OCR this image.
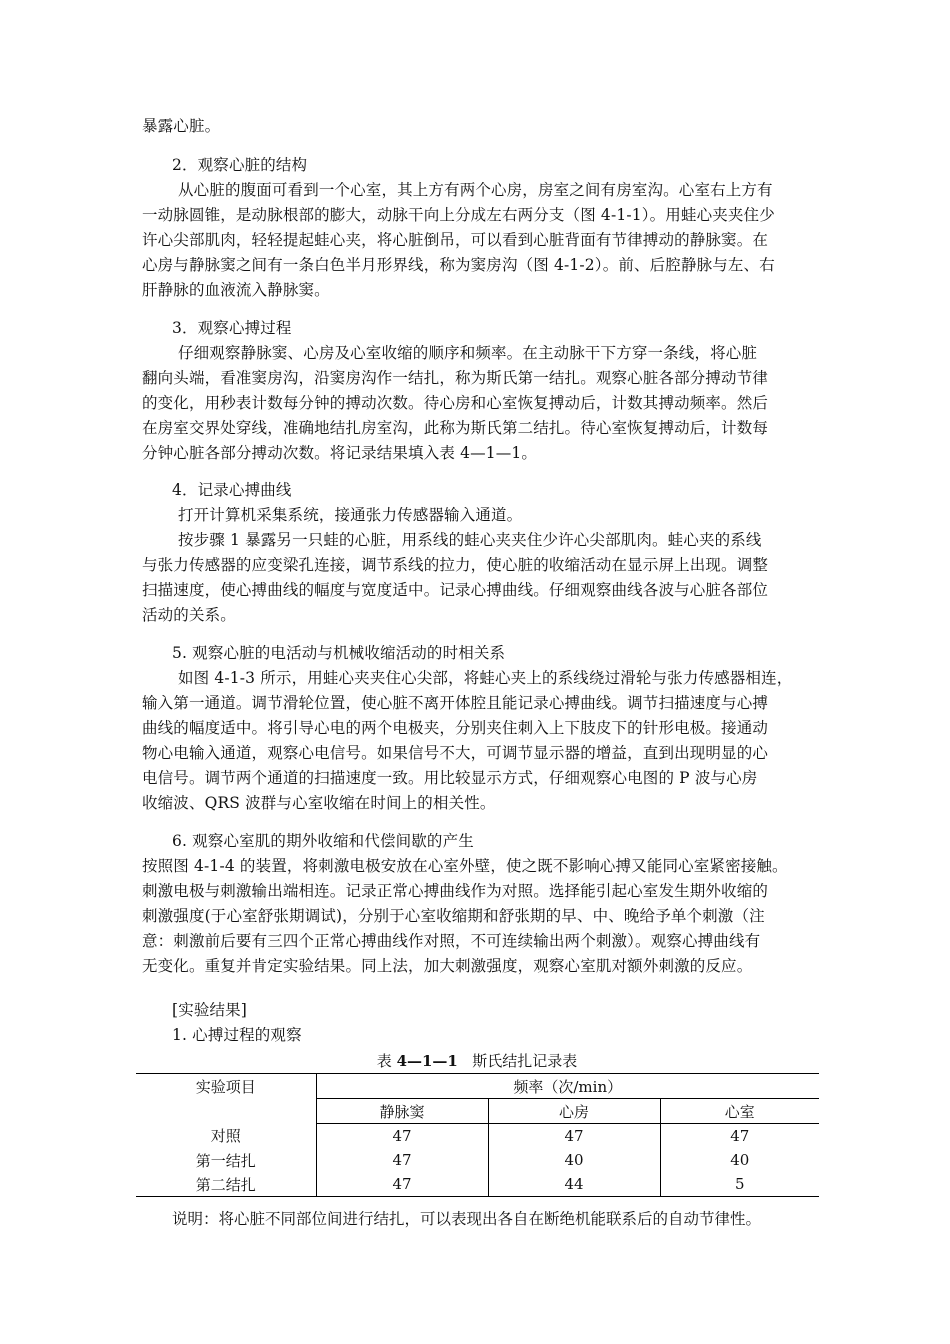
暴露心脏。
2．观察心脏的结构
从心脏的腹面可看到一个心室，其上方有两个心房，房室之间有房室沟。心室右上方有
一动脉圆锥，是动脉根部的膨大，动脉干向上分成左右两分支（图 4-1-1）。用蛙心夹夹住少
许心尖部肌肉，轻轻提起蛙心夹，将心脏倒吊，可以看到心脏背面有节律搏动的静脉窦。在
心房与静脉窦之间有一条白色半月形界线，称为窦房沟（图 4-1-2）。前、后腔静脉与左、右
肝静脉的血液流入静脉窦。
3．观察心搏过程
仔细观察静脉窦、心房及心室收缩的顺序和频率。在主动脉干下方穿一条线，将心脏
翻向头端，看准窦房沟，沿窦房沟作一结扎，称为斯氏第一结扎。观察心脏各部分搏动节律
的变化，用秒表计数每分钟的搏动次数。待心房和心室恢复搏动后，计数其搏动频率。然后
在房室交界处穿线，准确地结扎房室沟，此称为斯氏第二结扎。待心室恢复搏动后，计数每
分钟心脏各部分搏动次数。将记录结果填入表 4—1—1。
4．记录心搏曲线
打开计算机采集系统，接通张力传感器输入通道。
按步骤 1 暴露另一只蛙的心脏，用系线的蛙心夹夹住少许心尖部肌肉。蛙心夹的系线
与张力传感器的应变梁孔连接，调节系线的拉力，使心脏的收缩活动在显示屏上出现。调整
扫描速度，使心搏曲线的幅度与宽度适中。记录心搏曲线。仔细观察曲线各波与心脏各部位
活动的关系。
5. 观察心脏的电活动与机械收缩活动的时相关系
如图 4-1-3 所示，用蛙心夹夹住心尖部，将蛙心夹上的系线绕过滑轮与张力传感器相连，
输入第一通道。调节滑轮位置，使心脏不离开体腔且能记录心搏曲线。调节扫描速度与心搏
曲线的幅度适中。将引导心电的两个电极夹，分别夹住刺入上下肢皮下的针形电极。接通动
物心电输入通道，观察心电信号。如果信号不大，可调节显示器的增益，直到出现明显的心
电信号。调节两个通道的扫描速度一致。用比较显示方式，仔细观察心电图的 P 波与心房
收缩波、QRS 波群与心室收缩在时间上的相关性。
6. 观察心室肌的期外收缩和代偿间歇的产生
按照图 4-1-4 的装置，将刺激电极安放在心室外壁，使之既不影响心搏又能同心室紧密接触。
刺激电极与刺激输出端相连。记录正常心搏曲线作为对照。选择能引起心室发生期外收缩的
刺激强度(于心室舒张期调试)，分别于心室收缩期和舒张期的早、中、晚给予单个刺激（注
意：刺激前后要有三四个正常心搏曲线作对照，不可连续输出两个刺激）。观察心搏曲线有
无变化。重复并肯定实验结果。同上法，加大刺激强度，观察心室肌对额外刺激的反应。
[实验结果]
1. 心搏过程的观察
表 4—1—1 斯氏结扎记录表
实验项目	频率（次/min）		
	静脉窦	心房	心室
对照	47	47	47
第一结扎	47	40	40
第二结扎	47	44	5
说明：将心脏不同部位间进行结扎，可以表现出各自在断绝机能联系后的自动节律性。
